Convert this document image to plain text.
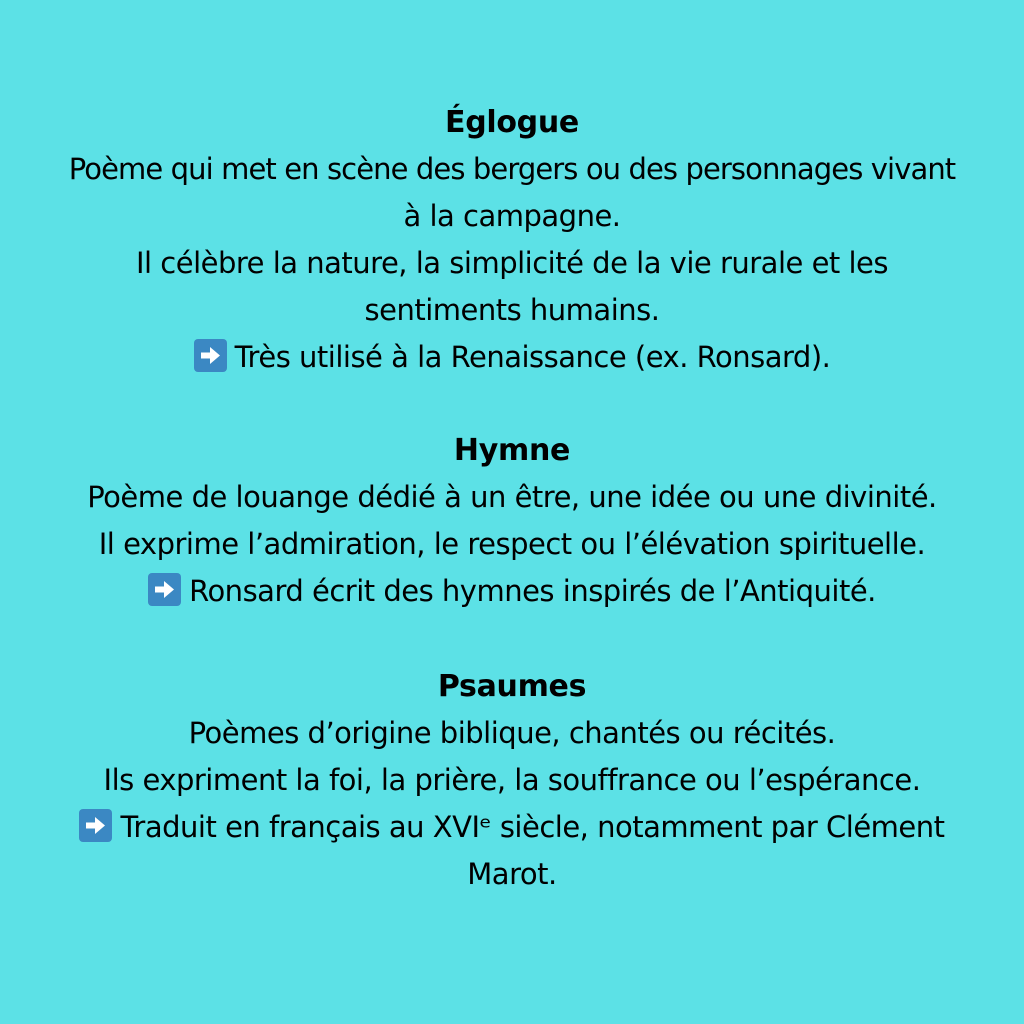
Églogue
Poème qui met en scène des bergers ou des personnages vivant
à la campagne.
Il célèbre la nature, la simplicité de la vie rurale et les
sentiments humains.
Très utilisé à la Renaissance (ex. Ronsard).
Hymne
Poème de louange dédié à un être, une idée ou une divinité.
Il exprime l’admiration, le respect ou l’élévation spirituelle.
Ronsard écrit des hymnes inspirés de l’Antiquité.
Psaumes
Poèmes d’origine biblique, chantés ou récités.
Ils expriment la foi, la prière, la souffrance ou l’espérance.
Traduit en français au XVIᵉ siècle, notamment par Clément
Marot.
